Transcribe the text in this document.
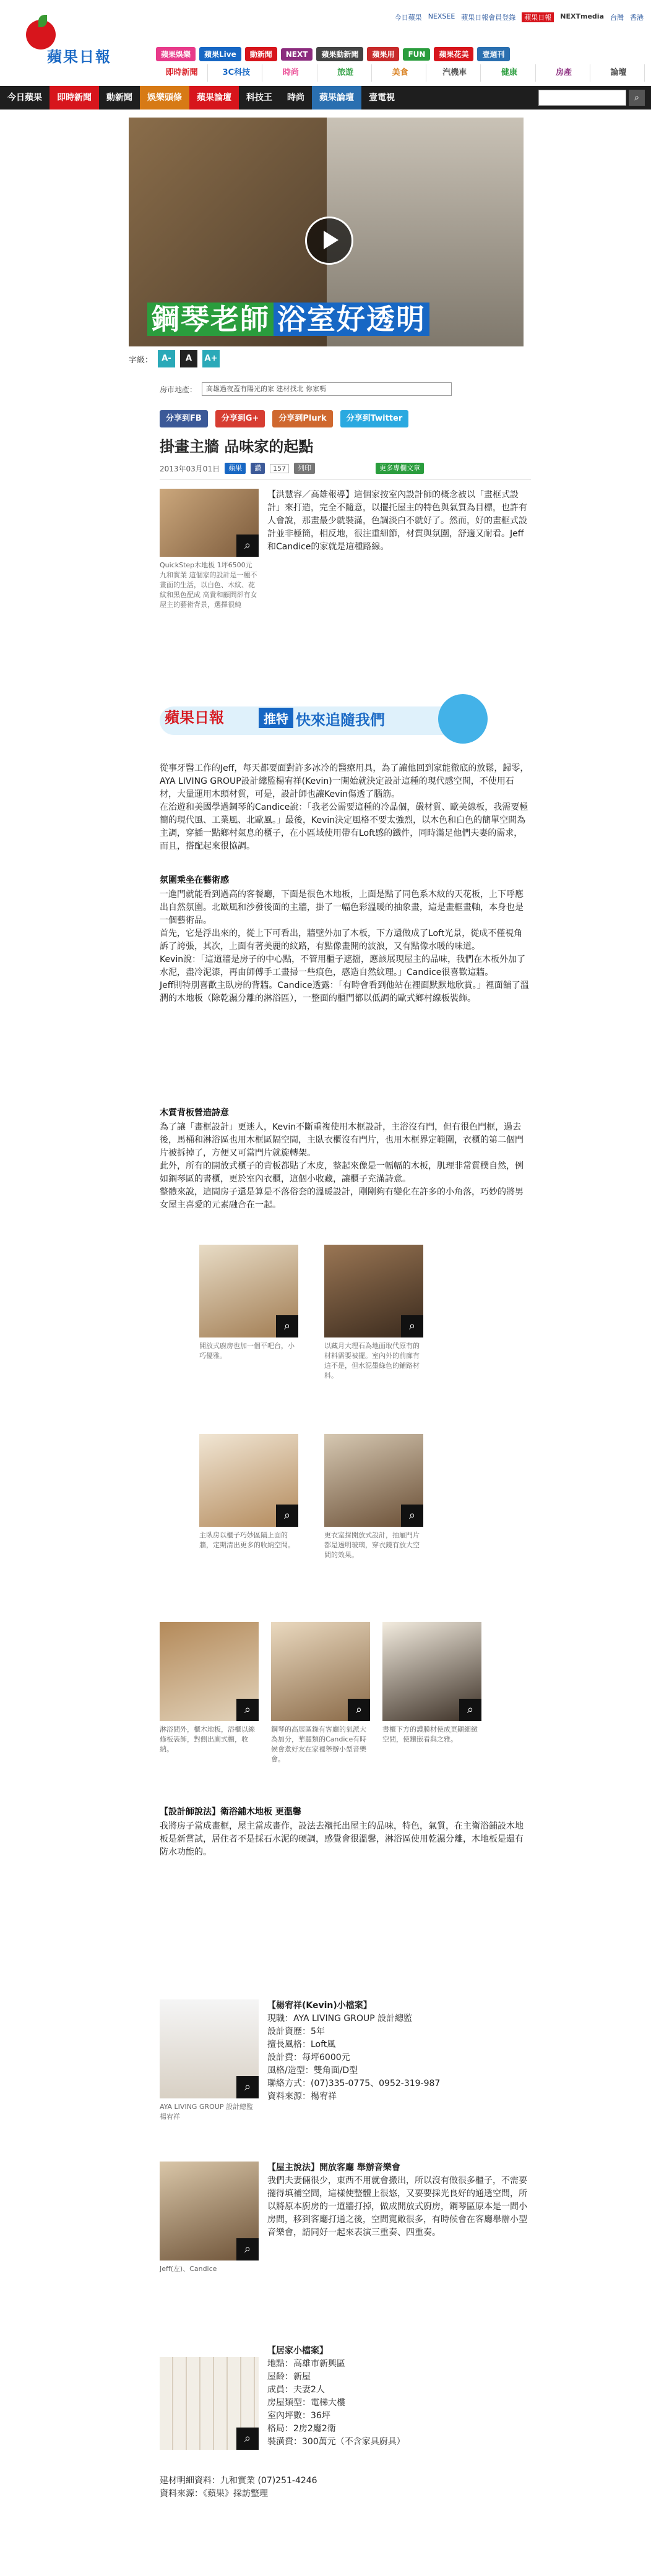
今日蘋果 NEXSEE 蘋果日報會員登錄	蘋果日報	NEXTmedia 台灣 香港
蘋果日報	蘋果娛樂	蘋果Live	動新聞	NEXT	蘋果動新聞	蘋果用	FUN	蘋果花美	壹週刊
即時新聞	3C科技	時尚	旅遊	美食	汽機車	健康	房產	論壇
今日蘋果	即時新聞	動新聞	娛樂頭條	蘋果論壇	科技王	時尚	蘋果論壇	壹電視	⌕
鋼琴老師 浴室好透明
字級：	A-	A	A+
房市地產：	高雄過夜蓋有陽光的家 建材找北 你家嗎
分享到FB	分享到G+	分享到Plurk	分享到Twitter
掛畫主牆 品味家的起點
2013年03月01日	蘋果	讚	157	列印	更多專欄文章
⌕
QuickStep木地板 1坪6500元 九和實業 這個家的設計是一種不畫面的生活，以白色、木紋、花紋和黑色配成 高貴和顧問卻有女屋主的藝術背景，選擇很純
【洪慧容／高雄報導】這個家按室內設計師的概念被以「畫框式設計」來打造，完全不隨意，以擺托屋主的特色與氣質為目標，也許有人會說，那畫最少就裝滿，色調淡白不就好了。然而，好的畫框式設計並非極簡，相反地，很注重細節，材質與氛圍，舒適又耐看。Jeff和Candice的家就是這種路線。
蘋果日報	推特 快來追隨我們

從事牙醫工作的Jeff，每天都要面對許多冰冷的醫療用具，為了讓他回到家能徹底的放鬆，歸零，AYA LIVING GROUP設計總監楊宥祥(Kevin)一開始就決定設計這種的現代感空間，不使用石材，大量運用木頭材質，可是，設計師也讓Kevin傷透了腦筋。

在治遊和美國學過鋼琴的Candice說：「我老公需要這種的冷晶個，嚴材質、歐美線板，我需要極簡的現代風、工業風、北歐風。」最後，Kevin決定風格不要太強烈，以木色和白色的簡單空間為主調，穿插一點鄉村氣息的櫃子，在小區域使用帶有Loft感的鐵件，同時滿足他們夫妻的需求，而且，搭配起來很協調。

氛圍乘坐在藝術感

一進門就能看到過高的客餐廳，下面是很色木地板，上面是點了同色系木紋的天花板，上下呼應出自然氛圍。北歐風和沙發後面的主牆，掛了一幅色彩溫暖的抽象畫，這是畫框畫軸，本身也是一個藝術品。

首先，它是浮出來的，從上下可看出，牆壁外加了木板，下方還做成了Loft光景，從成不僅視角訴了誇張，其次，上面有著美麗的紋路，有點像畫開的波浪，又有點像水暖的味道。

Kevin說：「這道牆是房子的中心點，不管用櫃子遮擋，應該展現屋主的品味，我們在木板外加了水泥，盡冷泥漆，再由師傅手工畫掃一些痕色，感造自然紋理。」Candice很喜歡這牆。

Jeff則特別喜歡主臥房的背牆。Candice透露：「有時會看到他站在裡面默默地欣賞。」裡面舖了溫潤的木地板（除乾濕分離的淋浴區），一整面的櫃門都以低調的歐式鄉村線板裝飾。

木質背板營造詩意

為了讓「畫框設計」更迷人，Kevin不斷重複使用木框設計，主浴沒有門，但有很色門框，過去後，馬桶和淋浴區也用木框區隔空間，主臥衣櫃沒有門片，也用木框界定範圍，衣櫃的第二個門片被拆掉了，方便又可當門片就旋轉架。

此外，所有的開放式櫃子的背板都貼了木皮，整起來像是一幅幅的木板，肌理非常質樸自然，例如鋼琴區的書櫃，更於室內衣櫃，這個小收藏，讓櫃子充滿詩意。

整體來說，這間房子還是算是不落俗套的溫暖設計，剛剛夠有變化在許多的小角落，巧妙的將男女屋主喜愛的元素融合在一起。

⌕
開放式廚房也加一個平吧台，小巧優雅。
⌕
以藏月大理石為地面取代原有的材料需要被擺。室內外的前廊有這不是，但水泥墨綠色的鋪路材料。
⌕
主臥房以櫃子巧妙區隔上面的牆，定期清出更多的收納空間。
⌕
更衣室採開放式設計，抽屜門片都是透明玻璃，穿衣鏡有放大空間的效果。
⌕
淋浴間外，櫃木地板，浴櫃以線條板裝飾，對側出廁式櫥，收納。
⌕
鋼琴的高展區錄有客廳的氣派大為加分，華麗類的Candice有時候會煮好友在家裡舉辦小型音樂會。
⌕
書櫃下方的護膜材使成更顯細緻空間，使鑲嵌看與之雅。
【設計師說法】衛浴鋪木地板 更溫馨
我將房子當成畫框，屋主當成畫作，設法去襯托出屋主的品味，特色，氣質，在主衛浴鋪設木地板是新嘗試，居住者不是採石水泥的硬調，感覺會很溫馨，淋浴區使用乾濕分離，木地板是還有防水功能的。
⌕
AYA LIVING GROUP 設計總監 楊宥祥

【楊宥祥(Kevin)小檔案】

現職：AYA LIVING GROUP 設計總監

設計資歷：5年

擅長風格：Loft風

設計費：每坪6000元

風格/造型：雙角面/D型

聯絡方式：(07)335-0775、0952-319-987

資料來源：楊宥祥

⌕
Jeff(左)、Candice

【屋主說法】開放客廳 舉辦音樂會

我們夫妻倆很少，東西不用就會搬出，所以沒有做很多櫃子，不需要擺得填補空間，這樣使整體上很悠，又要要採光良好的通透空間，所以將原本廚房的一道牆打掉，做成開放式廚房，鋼琴區原本是一間小房間，移到客廳打通之後，空間寬敞很多，有時候會在客廳舉辦小型音樂會，請同好一起來表演三重奏、四重奏。
⌕

【居家小檔案】

地點：高雄市新興區

屋齡：新屋

成員：夫妻2人

房屋類型：電梯大樓

室內坪數：36坪

格局：2房2廳2衛

裝潢費：300萬元（不含家具廚具）

建材明細資料：九和實業 (07)251-4246

資料來源：《蘋果》採訪整理
